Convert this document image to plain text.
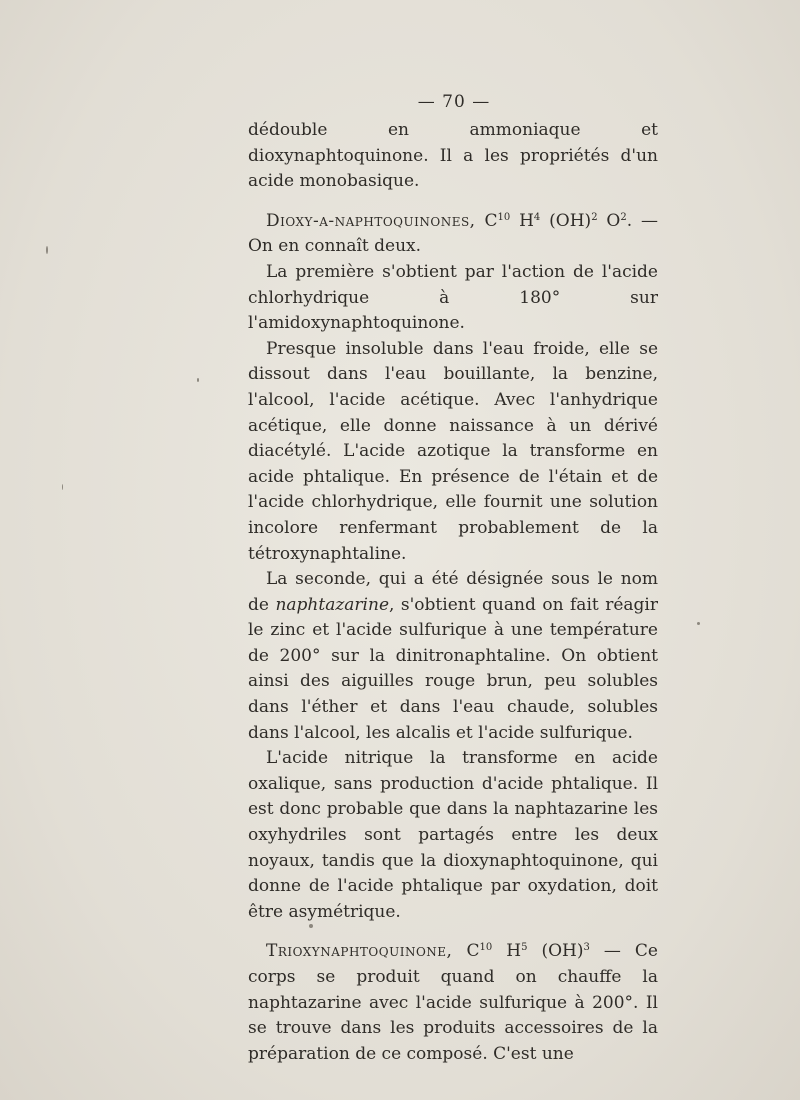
— 70 —

dédouble en ammoniaque et dioxynaphtoquinone. Il a les propriétés d'un acide monobasique.

Dioxy-α-naphtoquinones, $C^{10}$ $H^4$ (OH)$^2$ $O^2$. — On en connaît deux.

La première s'obtient par l'action de l'acide chlorhydrique à 180° sur l'amidoxynaphtoquinone.

Presque insoluble dans l'eau froide, elle se dissout dans l'eau bouillante, la benzine, l'alcool, l'acide acétique. Avec l'anhydrique acétique, elle donne naissance à un dérivé diacétylé. L'acide azotique la transforme en acide phtalique. En présence de l'étain et de l'acide chlorhydrique, elle fournit une solution incolore renfermant probablement de la tétroxynaphtaline.

La seconde, qui a été désignée sous le nom de naphtazarine, s'obtient quand on fait réagir le zinc et l'acide sulfurique à une température de 200° sur la dinitronaphtaline. On obtient ainsi des aiguilles rouge brun, peu solubles dans l'éther et dans l'eau chaude, solubles dans l'alcool, les alcalis et l'acide sulfurique.

L'acide nitrique la transforme en acide oxalique, sans production d'acide phtalique. Il est donc probable que dans la naphtazarine les oxyhydriles sont partagés entre les deux noyaux, tandis que la dioxynaphtoquinone, qui donne de l'acide phtalique par oxydation, doit être asymétrique.

Trioxynaphtoquinone, $C^{10}$ $H^5$ (OH)$^3$ — Ce corps se produit quand on chauffe la naphtazarine avec l'acide sulfurique à 200°. Il se trouve dans les produits accessoires de la préparation de ce composé. C'est une
